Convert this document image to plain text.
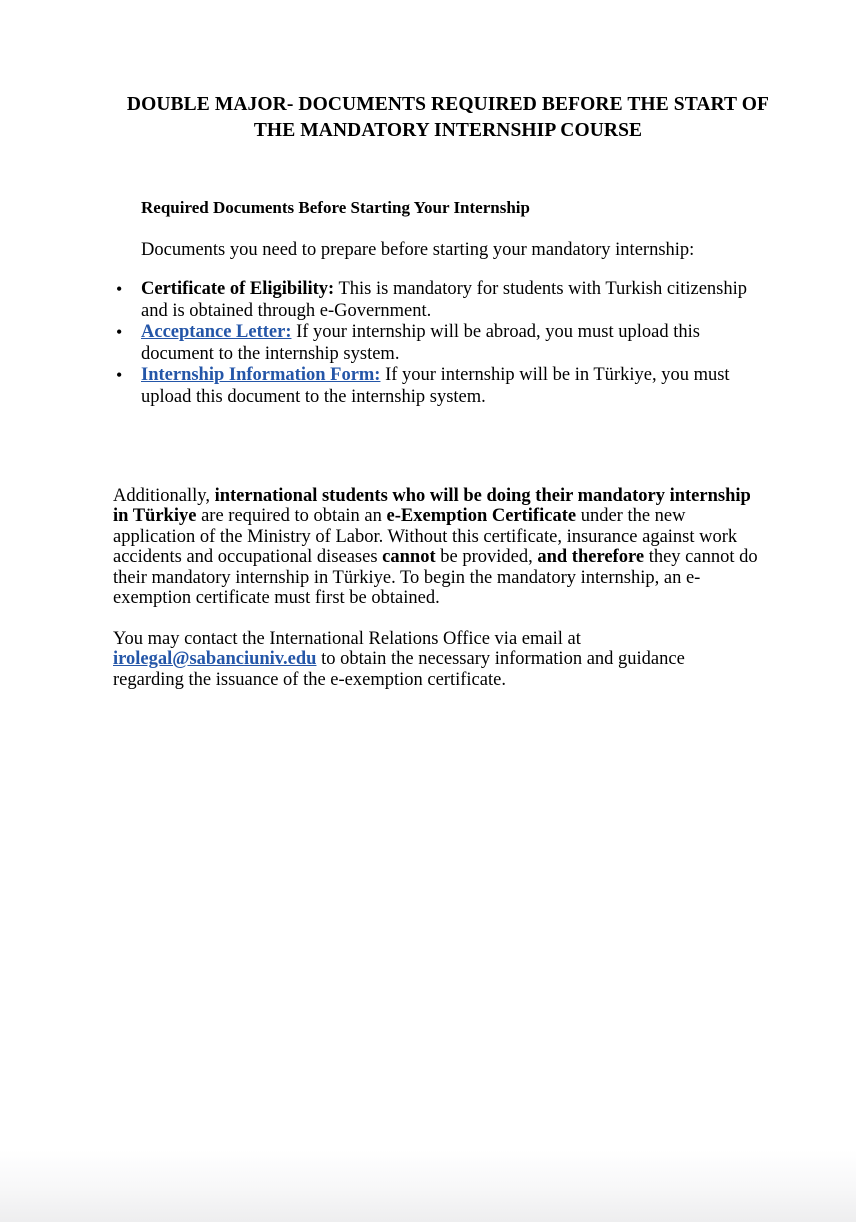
DOUBLE MAJOR- DOCUMENTS REQUIRED BEFORE THE START OF THE MANDATORY INTERNSHIP COURSE
Required Documents Before Starting Your Internship
Documents you need to prepare before starting your mandatory internship:
• Certificate of Eligibility: This is mandatory for students with Turkish citizenship and is obtained through e-Government.
• Acceptance Letter: If your internship will be abroad, you must upload this document to the internship system.
• Internship Information Form: If your internship will be in Türkiye, you must upload this document to the internship system.

Additionally, international students who will be doing their mandatory internship in Türkiye are required to obtain an e-Exemption Certificate under the new application of the Ministry of Labor. Without this certificate, insurance against work accidents and occupational diseases cannot be provided, and therefore they cannot do their mandatory internship in Türkiye. To begin the mandatory internship, an e-exemption certificate must first be obtained.

You may contact the International Relations Office via email at irolegal@sabanciuniv.edu to obtain the necessary information and guidance regarding the issuance of the e-exemption certificate.
